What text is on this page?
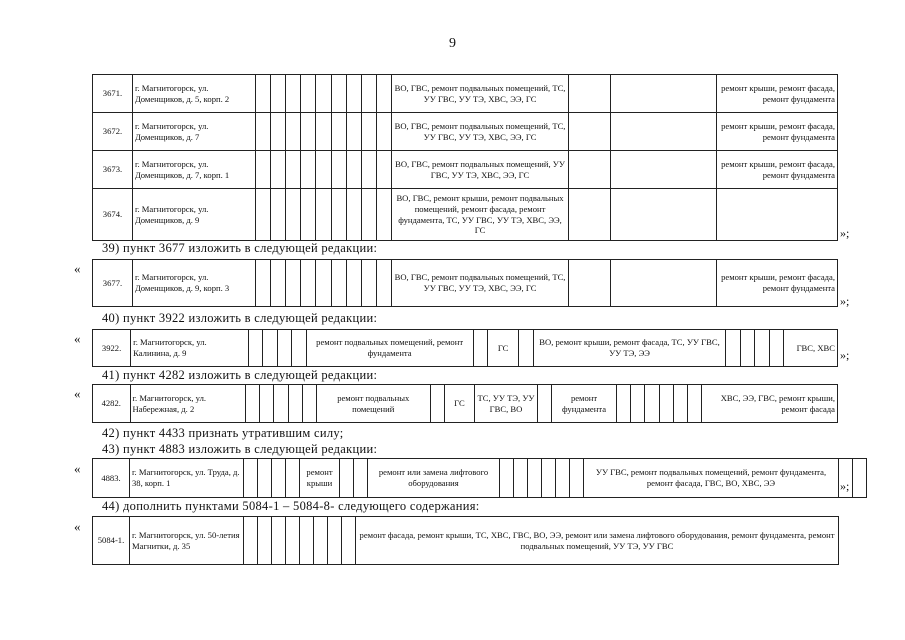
9
3671.	г. Магнитогорск, ул. Доменщиков, д. 5, корп. 2										ВО, ГВС, ремонт подвальных помещений, ТС, УУ ГВС, УУ ТЭ, ХВС, ЭЭ, ГС			ремонт крыши, ремонт фасада, ремонт фундамента
3672.	г. Магнитогорск, ул. Доменщиков, д. 7										ВО, ГВС, ремонт подвальных помещений, ТС, УУ ГВС, УУ ТЭ, ХВС, ЭЭ, ГС			ремонт крыши, ремонт фасада, ремонт фундамента
3673.	г. Магнитогорск, ул. Доменщиков, д. 7, корп. 1										ВО, ГВС, ремонт подвальных помещений, УУ ГВС, УУ ТЭ, ХВС, ЭЭ, ГС			ремонт крыши, ремонт фасада, ремонт фундамента
3674.	г. Магнитогорск, ул. Доменщиков, д. 9										ВО, ГВС, ремонт крыши, ремонт подвальных помещений, ремонт фасада, ремонт фундамента, ТС, УУ ГВС, УУ ТЭ, ХВС, ЭЭ, ГС				»;
39) пункт 3677 изложить в следующей редакции:
«
3677.	г. Магнитогорск, ул. Доменщиков, д. 9, корп. 3										ВО, ГВС, ремонт подвальных помещений, ТС, УУ ГВС, УУ ТЭ, ХВС, ЭЭ, ГС			ремонт крыши, ремонт фасада, ремонт фундамента
»;
40) пункт 3922 изложить в следующей редакции:
«
3922.	г. Магнитогорск, ул. Калинина, д. 9					ремонт подвальных помещений, ремонт фундамента		ГС		ВО, ремонт крыши, ремонт фасада, ТС, УУ ГВС, УУ ТЭ, ЭЭ					ГВС, ХВС
»;
41) пункт 4282 изложить в следующей редакции:
«
4282.	г. Магнитогорск, ул. Набережная, д. 2						ремонт подвальных помещений		ГС	ТС, УУ ТЭ, УУ ГВС, ВО		ремонт фундамента							ХВС, ЭЭ, ГВС, ремонт крыши, ремонт фасада
42) пункт 4433 признать утратившим силу;
43) пункт 4883 изложить в следующей редакции:
«
4883.	г. Магнитогорск, ул. Труда, д. 38, корп. 1					ремонт крыши			ремонт или замена лифтового оборудования							УУ ГВС, ремонт подвальных помещений, ремонт фундамента, ремонт фасада, ГВС, ВО, ХВС, ЭЭ			»;
44) дополнить пунктами 5084-1 – 5084-8- следующего содержания:
«
5084-1.	г. Магнитогорск, ул. 50-летия Магнитки, д. 35									ремонт фасада, ремонт крыши, ТС, ХВС, ГВС, ВО, ЭЭ, ремонт или замена лифтового оборудования, ремонт фундамента, ремонт подвальных помещений, УУ ТЭ, УУ ГВС
